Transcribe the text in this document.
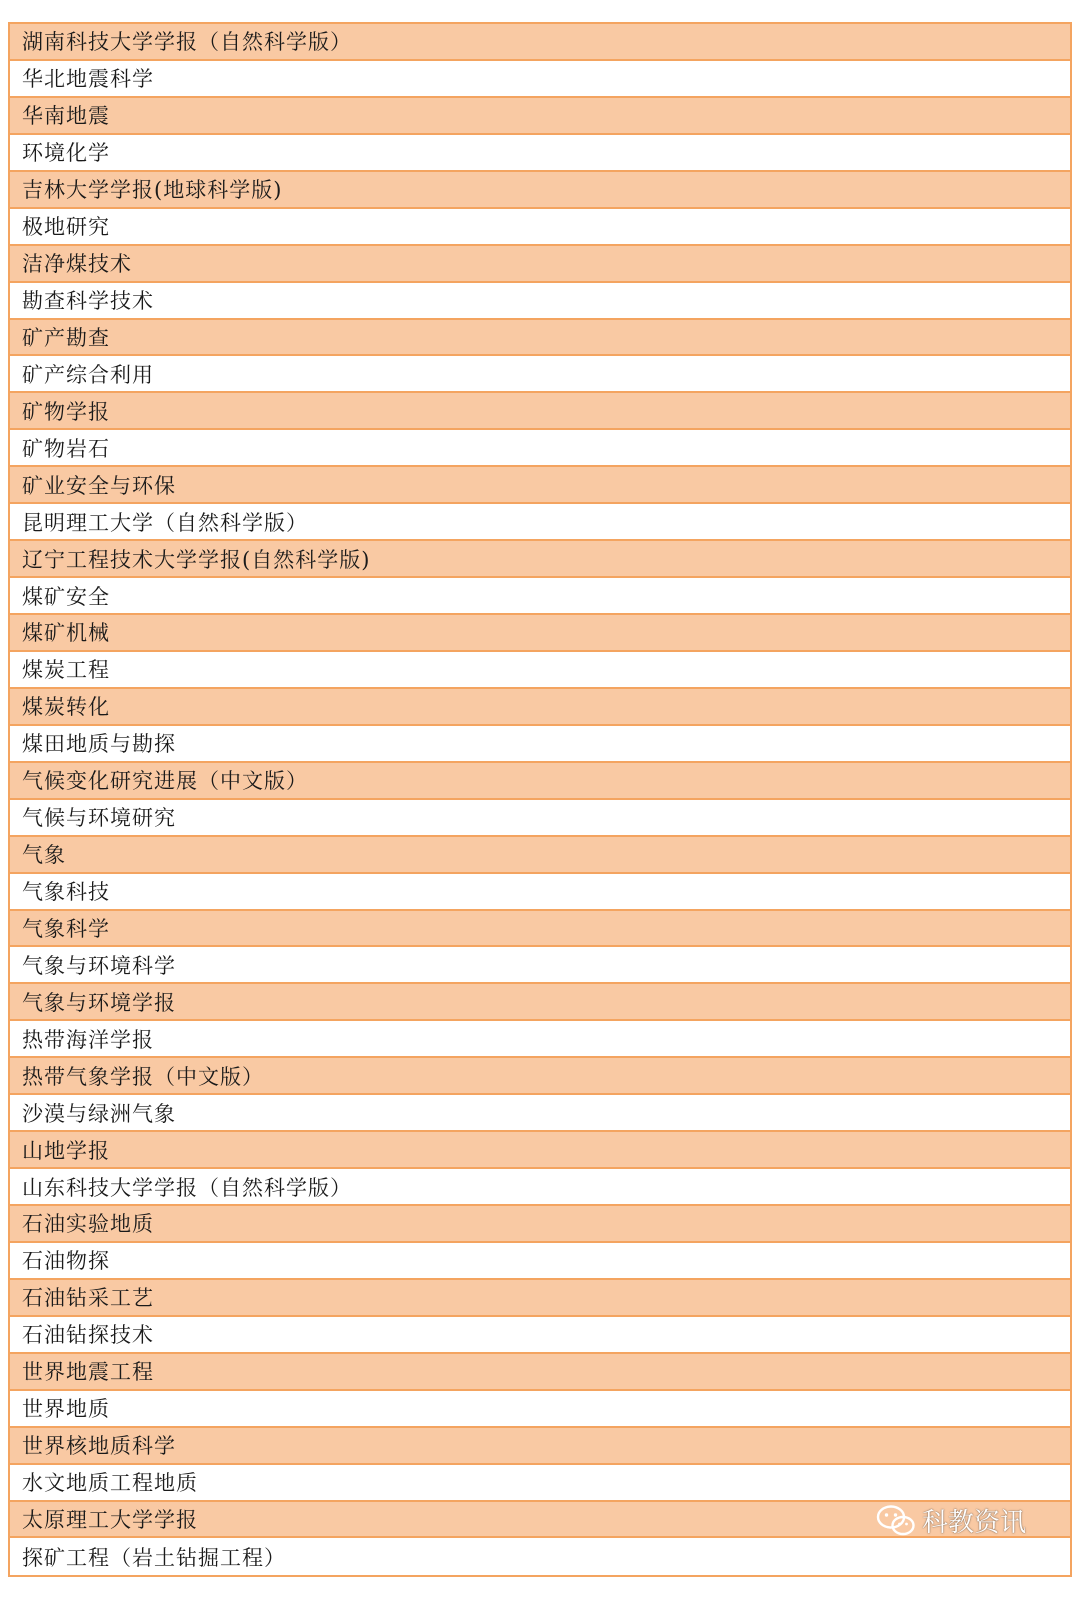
湖南科技大学学报（自然科学版）
华北地震科学
华南地震
环境化学
吉林大学学报(地球科学版)
极地研究
洁净煤技术
勘查科学技术
矿产勘查
矿产综合利用
矿物学报
矿物岩石
矿业安全与环保
昆明理工大学（自然科学版）
辽宁工程技术大学学报(自然科学版)
煤矿安全
煤矿机械
煤炭工程
煤炭转化
煤田地质与勘探
气候变化研究进展（中文版）
气候与环境研究
气象
气象科技
气象科学
气象与环境科学
气象与环境学报
热带海洋学报
热带气象学报（中文版）
沙漠与绿洲气象
山地学报
山东科技大学学报（自然科学版）
石油实验地质
石油物探
石油钻采工艺
石油钻探技术
世界地震工程
世界地质
世界核地质科学
水文地质工程地质
太原理工大学学报
探矿工程（岩土钻掘工程）
科教资讯
